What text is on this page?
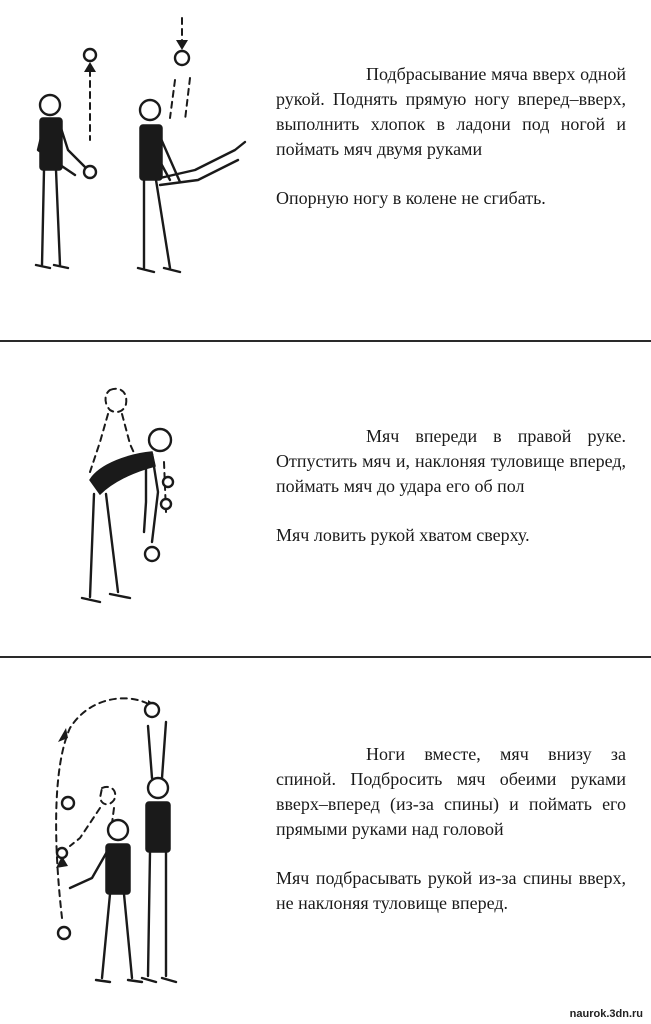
Подбрасывание мяча вверх одной рукой. Поднять прямую ногу вперед–вверх, выполнить хлопок в ладони под ногой и поймать мяч двумя руками

Опорную ногу в колене не сгибать.

Мяч впереди в правой руке. Отпустить мяч и, наклоняя туловище вперед, поймать мяч до удара его об пол

Мяч ловить рукой хватом сверху.

Ноги вместе, мяч внизу за спиной. Подбросить мяч обеими руками вверх–вперед (из-за спины) и поймать его прямыми руками над головой

Мяч подбрасывать рукой из-за спины вверх, не наклоняя туловище вперед.

naurok.3dn.ru
